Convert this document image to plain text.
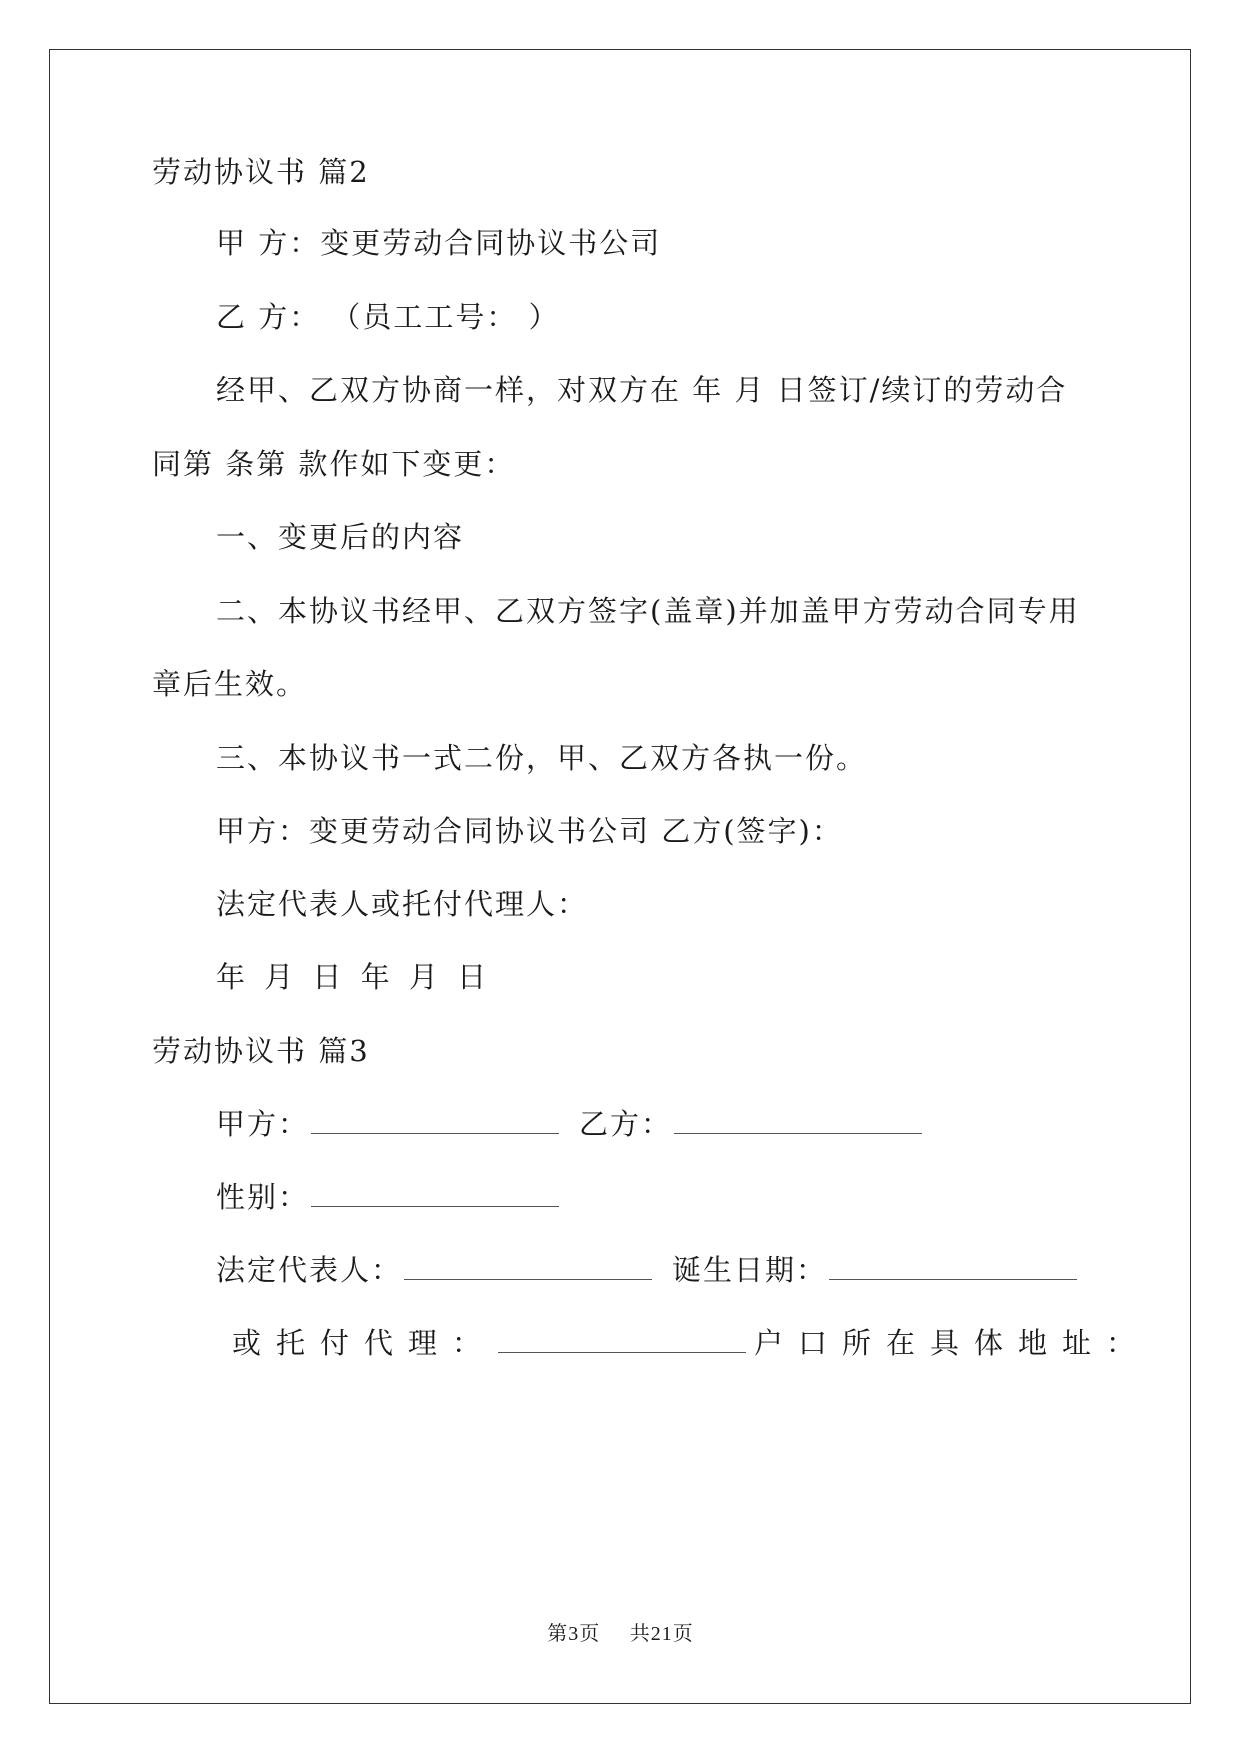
劳动协议书 篇2
甲 方：变更劳动合同协议书公司
乙 方： （员工工号： ）
经甲、乙双方协商一样，对双方在 年 月 日签订/续订的劳动合
同第 条第 款作如下变更：
一、变更后的内容
二、本协议书经甲、乙双方签字(盖章)并加盖甲方劳动合同专用
章后生效。
三、本协议书一式二份，甲、乙双方各执一份。
甲方：变更劳动合同协议书公司 乙方(签字)：
法定代表人或托付代理人：
年 月 日 年 月 日
劳动协议书 篇3
甲方：	乙方：
性别：
法定代表人：	诞生日期：
或托付代理：	户口所在具体地址：
第3页 共21页
